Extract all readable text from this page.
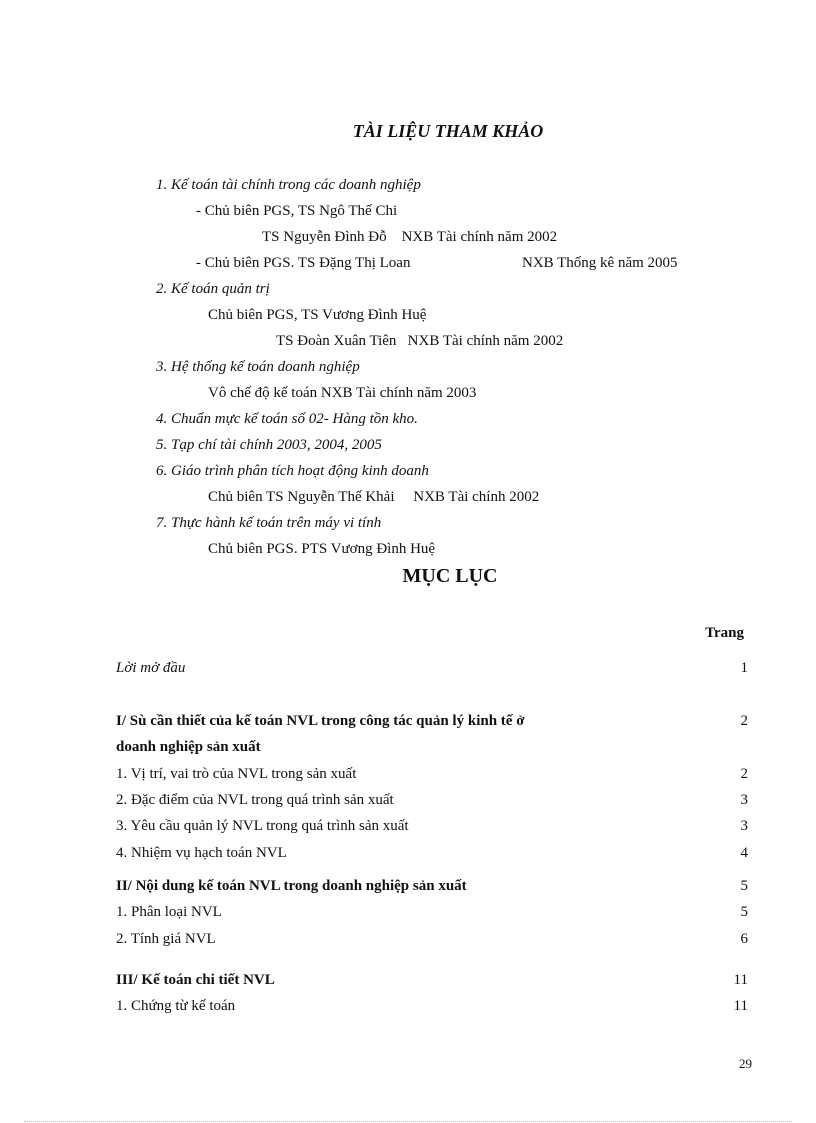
TÀI LIỆU THAM KHẢO
1. Kế toán tài chính trong các doanh nghiệp
- Chủ biên PGS, TS Ngô Thế Chi
TS Nguyễn Đình Đỗ    NXB Tài chính năm 2002
- Chủ biên PGS. TS Đặng Thị Loan	NXB Thống kê năm 2005
2. Kế toán quản trị
Chủ biên PGS, TS Vương Đình Huệ
TS Đoàn Xuân Tiên   NXB Tài chính năm 2002
3. Hệ thống kế toán doanh nghiệp
Vô chế độ kế toán NXB Tài chính năm 2003
4. Chuẩn mực kế toán số 02- Hàng tồn kho.
5. Tạp chí tài chính 2003, 2004, 2005
6. Giáo trình phân tích hoạt động kinh doanh
Chủ biên TS Nguyễn Thế Khải     NXB Tài chính 2002
7. Thực hành kế toán trên máy vi tính
Chủ biên PGS. PTS Vương Đình Huệ
MỤC LỤC
Trang
Lời mở đầu	1
I/ Sù cần thiết của kế toán NVL trong công tác quản lý kinh tế ở
doanh nghiệp sản xuất
2
1. Vị trí, vai trò của NVL trong sản xuất	2
2. Đặc điểm của NVL trong quá trình sản xuất	3
3. Yêu cầu quản lý NVL trong quá trình sản xuất	3
4. Nhiệm vụ hạch toán NVL	4
II/ Nội dung kế toán NVL trong doanh nghiệp sản xuất	5
1. Phân loại NVL	5
2. Tính giá NVL	6
III/ Kế toán chi tiết NVL	11
1. Chứng từ kế toán	11
29
